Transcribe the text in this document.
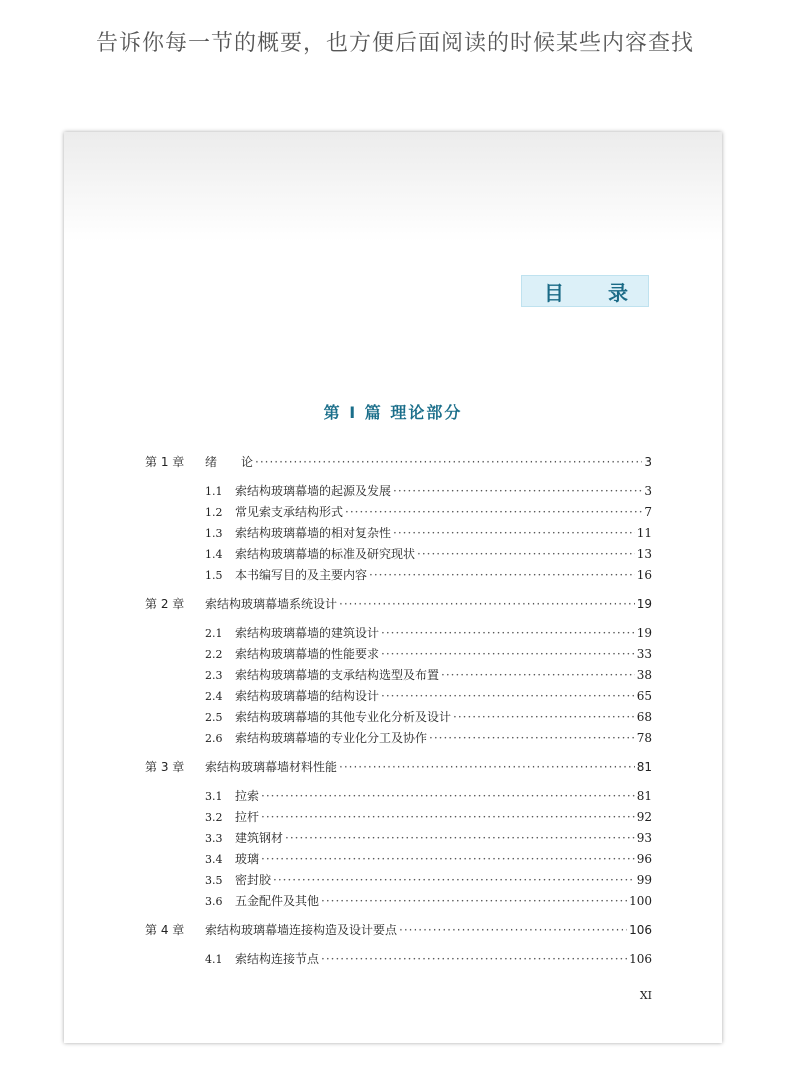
告诉你每一节的概要，也方便后面阅读的时候某些内容查找
目 录
第 I 篇 理论部分
第 1 章	绪　　论 ·····	3
1.1	索结构玻璃幕墙的起源及发展 ·····	3
1.2	常见索支承结构形式 ·····	7
1.3	索结构玻璃幕墙的相对复杂性 ·····	11
1.4	索结构玻璃幕墙的标准及研究现状 ·····	13
1.5	本书编写目的及主要内容 ·····	16
第 2 章	索结构玻璃幕墙系统设计 ·····	19
2.1	索结构玻璃幕墙的建筑设计 ·····	19
2.2	索结构玻璃幕墙的性能要求 ·····	33
2.3	索结构玻璃幕墙的支承结构选型及布置 ·····	38
2.4	索结构玻璃幕墙的结构设计 ·····	65
2.5	索结构玻璃幕墙的其他专业化分析及设计 ·····	68
2.6	索结构玻璃幕墙的专业化分工及协作 ·····	78
第 3 章	索结构玻璃幕墙材料性能 ·····	81
3.1	拉索 ·····	81
3.2	拉杆 ·····	92
3.3	建筑钢材 ·····	93
3.4	玻璃 ·····	96
3.5	密封胶 ·····	99
3.6	五金配件及其他 ·····	100
第 4 章	索结构玻璃幕墙连接构造及设计要点 ·····	106
4.1	索结构连接节点 ·····	106
XI
